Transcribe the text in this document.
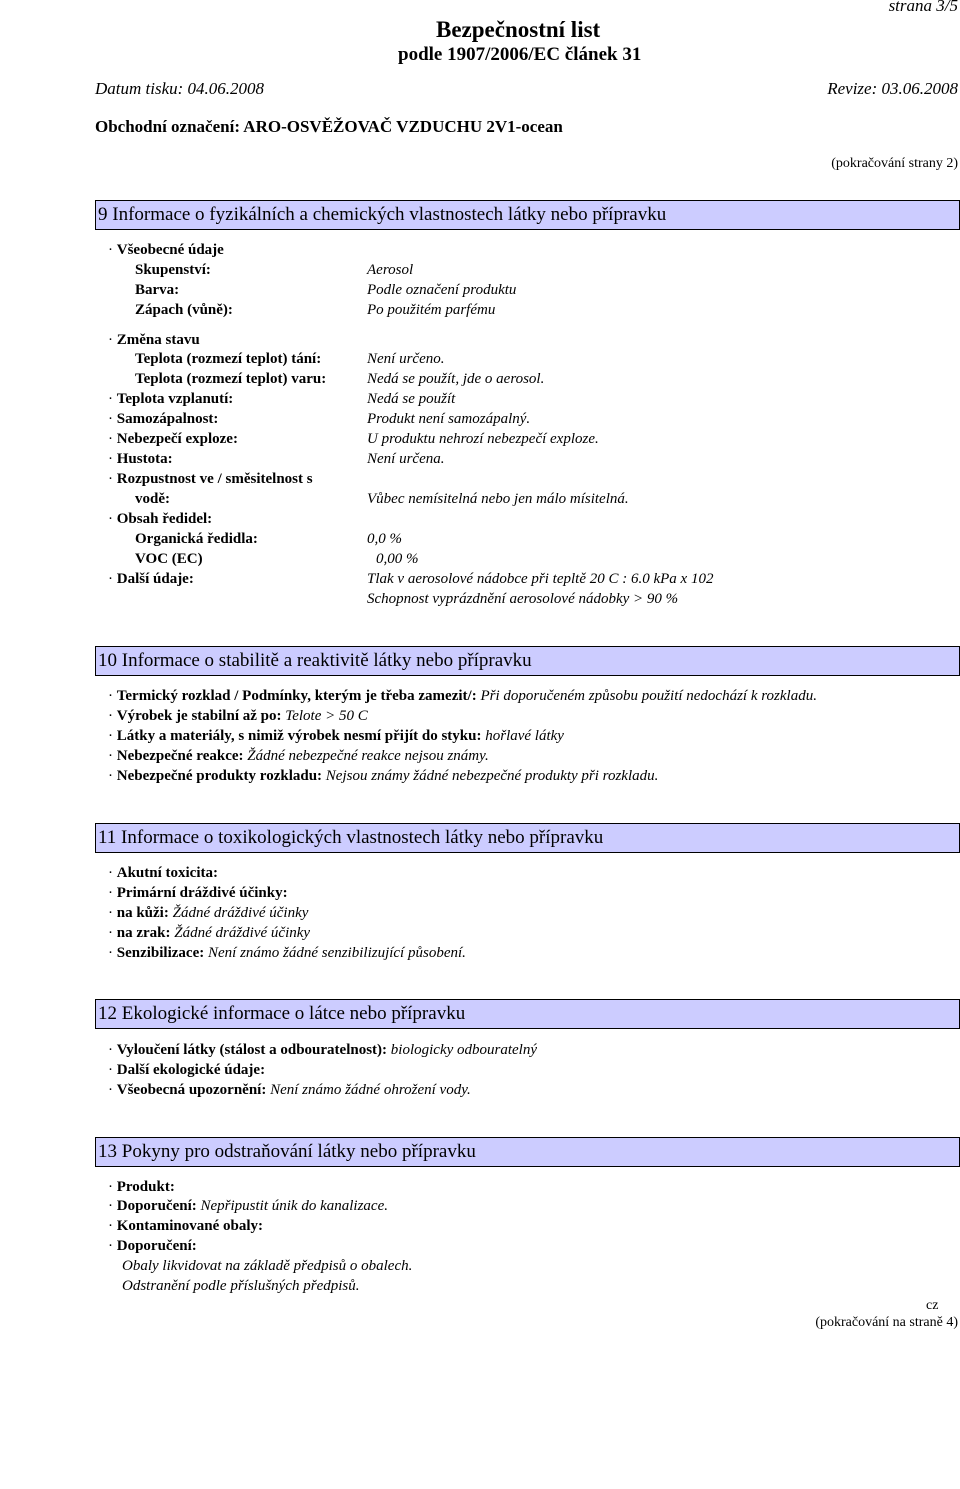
strana 3/5
Bezpečnostní list
podle 1907/2006/EC článek 31
Datum tisku: 04.06.2008	Revize: 03.06.2008
Obchodní označení: ARO-OSVĚŽOVAČ VZDUCHU 2V1-ocean
(pokračování strany 2)
9 Informace o fyzikálních a chemických vlastnostech látky nebo přípravku
· Všeobecné údaje
Skupenství:	Aerosol
Barva:	Podle označení produktu
Zápach (vůně):	Po použitém parfému
· Změna stavu
Teplota (rozmezí teplot) tání:	Není určeno.
Teplota (rozmezí teplot) varu:	Nedá se použít, jde o aerosol.
· Teplota vzplanutí:	Nedá se použít
· Samozápalnost:	Produkt není samozápalný.
· Nebezpečí exploze:	U produktu nehrozí nebezpečí exploze.
· Hustota:	Není určena.
· Rozpustnost ve / směsitelnost s
vodě:	Vůbec nemísitelná nebo jen málo mísitelná.
· Obsah ředidel:
Organická ředidla:	0,0 %
VOC (EC)	0,00 %
· Další údaje:	Tlak v aerosolové nádobce při tepltě 20 C : 6.0 kPa x 102
Schopnost vyprázdnění aerosolové nádobky > 90 %
10 Informace o stabilitě a reaktivitě látky nebo přípravku
· Termický rozklad / Podmínky, kterým je třeba zamezit/: Při doporučeném způsobu použití nedochází k rozkladu.
· Výrobek je stabilní až po: Telote > 50 C
· Látky a materiály, s nimiž výrobek nesmí přijít do styku: hořlavé látky
· Nebezpečné reakce: Žádné nebezpečné reakce nejsou známy.
· Nebezpečné produkty rozkladu: Nejsou známy žádné nebezpečné produkty při rozkladu.
11 Informace o toxikologických vlastnostech látky nebo přípravku
· Akutní toxicita:
· Primární dráždivé účinky:
· na kůži: Žádné dráždivé účinky
· na zrak: Žádné dráždivé účinky
· Senzibilizace: Není známo žádné senzibilizující působení.
12 Ekologické informace o látce nebo přípravku
· Vyloučení látky (stálost a odbouratelnost): biologicky odbouratelný
· Další ekologické údaje:
· Všeobecná upozornění: Není známo žádné ohrožení vody.
13 Pokyny pro odstraňování látky nebo přípravku
· Produkt:
· Doporučení: Nepřipustit únik do kanalizace.
· Kontaminované obaly:
· Doporučení:
Obaly likvidovat na základě předpisů o obalech.
Odstranění podle příslušných předpisů.
cz
(pokračování na straně 4)
